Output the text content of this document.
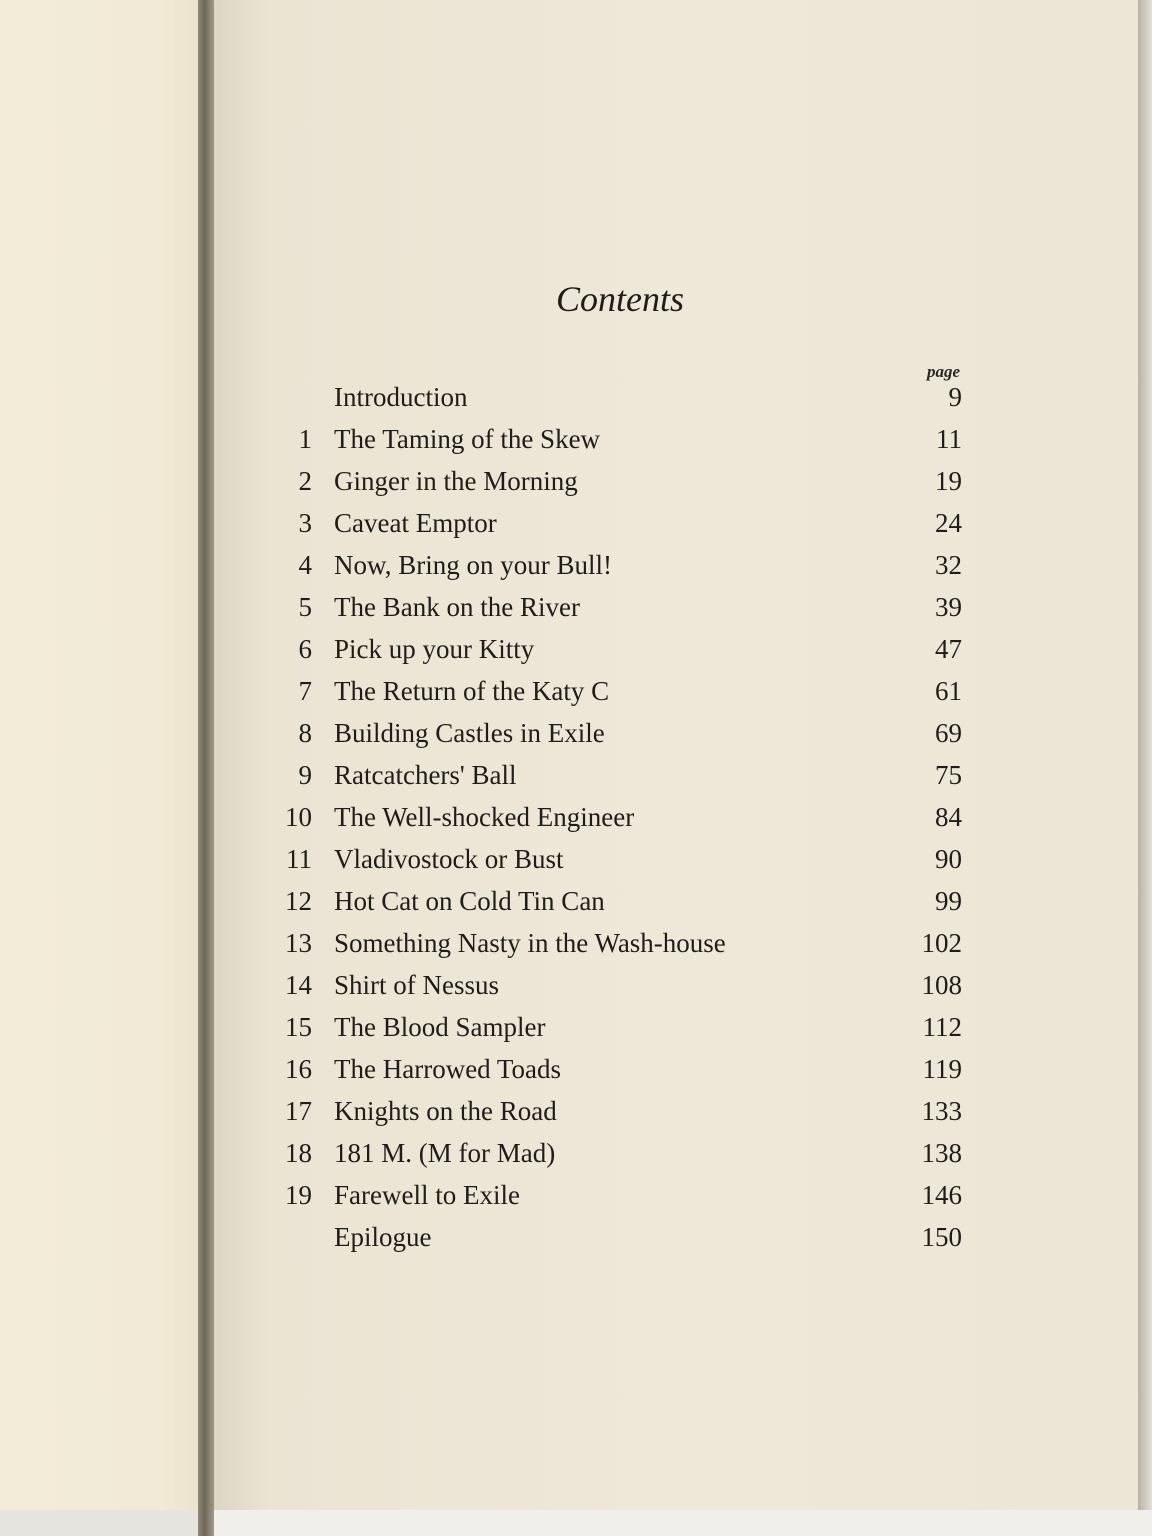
Contents
page
Introduction	9
1 The Taming of the Skew	11
2 Ginger in the Morning	19
3 Caveat Emptor	24
4 Now, Bring on your Bull!	32
5 The Bank on the River	39
6 Pick up your Kitty	47
7 The Return of the Katy C	61
8 Building Castles in Exile	69
9 Ratcatchers' Ball	75
10 The Well-shocked Engineer	84
11 Vladivostock or Bust	90
12 Hot Cat on Cold Tin Can	99
13 Something Nasty in the Wash-house	102
14 Shirt of Nessus	108
15 The Blood Sampler	112
16 The Harrowed Toads	119
17 Knights on the Road	133
18 181 M. (M for Mad)	138
19 Farewell to Exile	146
Epilogue	150
